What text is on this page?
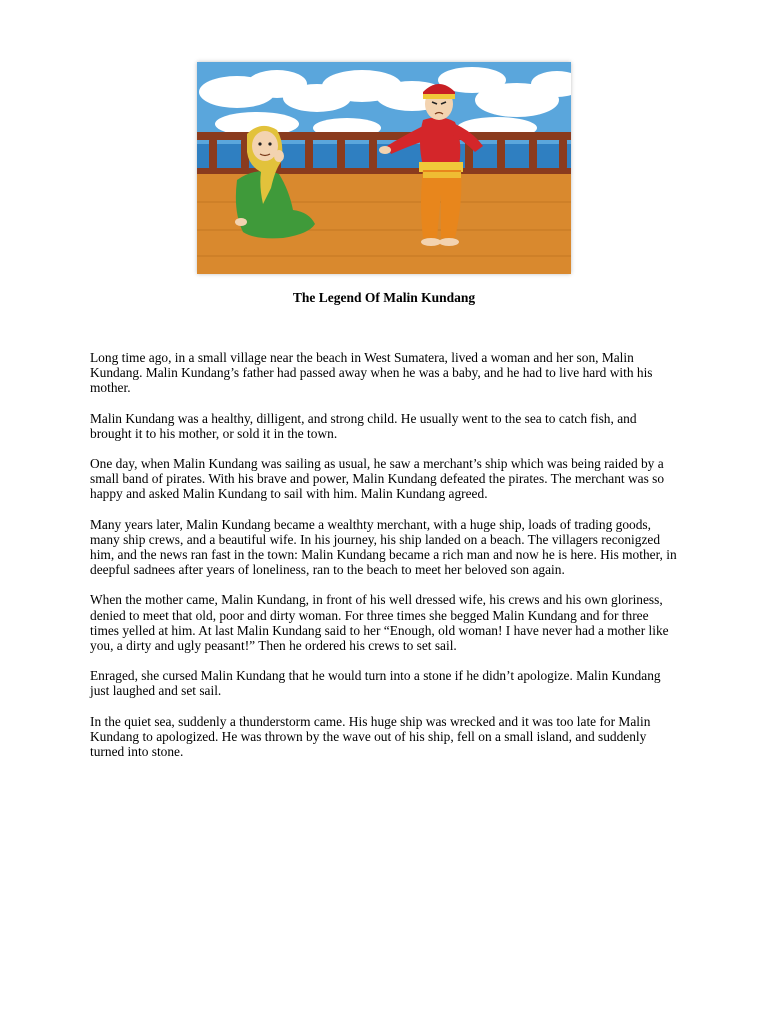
The Legend Of Malin Kundang

Long time ago, in a small village near the beach in West Sumatera, lived a woman and her son, Malin Kundang. Malin Kundang’s father had passed away when he was a baby, and he had to live hard with his mother.

Malin Kundang was a healthy, dilligent, and strong child. He usually went to the sea to catch fish, and brought it to his mother, or sold it in the town.

One day, when Malin Kundang was sailing as usual, he saw a merchant’s ship which was being raided by a small band of pirates. With his brave and power, Malin Kundang defeated the pirates. The merchant was so happy and asked Malin Kundang to sail with him. Malin Kundang agreed.

Many years later, Malin Kundang became a wealthty merchant, with a huge ship, loads of trading goods, many ship crews, and a beautiful wife. In his journey, his ship landed on a beach. The villagers reconigzed him, and the news ran fast in the town: Malin Kundang became a rich man and now he is here. His mother, in deepful sadnees after years of loneliness, ran to the beach to meet her beloved son again.

When the mother came, Malin Kundang, in front of his well dressed wife, his crews and his own gloriness, denied to meet that old, poor and dirty woman. For three times she begged Malin Kundang and for three times yelled at him. At last Malin Kundang said to her “Enough, old woman! I have never had a mother like you, a dirty and ugly peasant!” Then he ordered his crews to set sail.

Enraged, she cursed Malin Kundang that he would turn into a stone if he didn’t apologize. Malin Kundang just laughed and set sail.

In the quiet sea, suddenly a thunderstorm came. His huge ship was wrecked and it was too late for Malin Kundang to apologized. He was thrown by the wave out of his ship, fell on a small island, and suddenly turned into stone.
